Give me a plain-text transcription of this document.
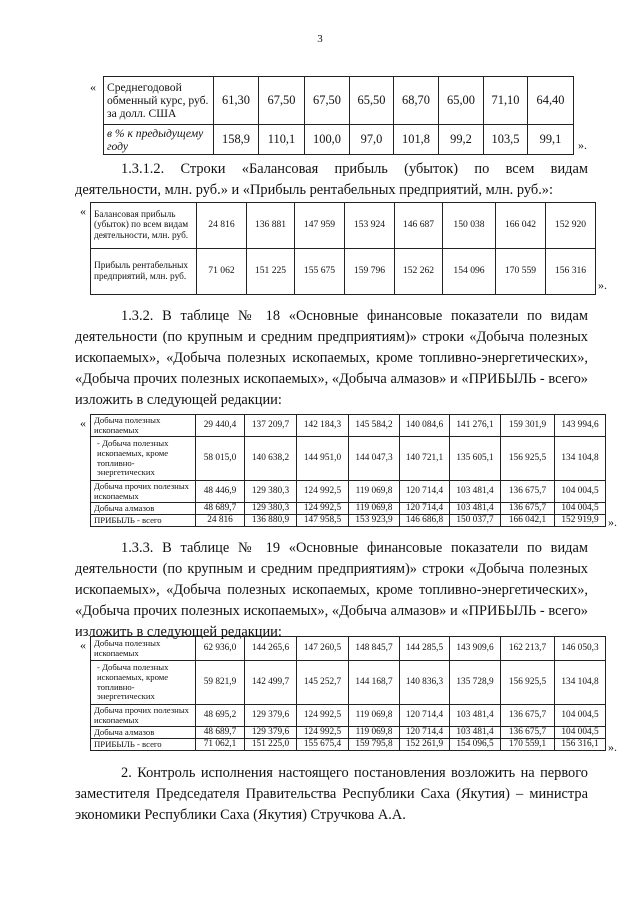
3
« Среднегодовой обменный курс, руб. за долл. США	61,30	67,50	67,50	65,50	68,70	65,00	71,10	64,40
в % к предыдущему году	158,9	110,1	100,0	97,0	101,8	99,2	103,5	99,1 ».

1.3.1.2. Строки «Балансовая прибыль (убыток) по всем видам деятельности, млн. руб.» и «Прибыль рентабельных предприятий, млн. руб.»:

« Балансовая прибыль (убыток) по всем видам деятельности, млн. руб.	24 816	136 881	147 959	153 924	146 687	150 038	166 042	152 920
Прибыль рентабельных предприятий, млн. руб.	71 062	151 225	155 675	159 796	152 262	154 096	170 559	156 316
».

1.3.2. В таблице № 18 «Основные финансовые показатели по видам деятельности (по крупным и средним предприятиям)» строки «Добыча полезных ископаемых», «Добыча полезных ископаемых, кроме топливно-энергетических», «Добыча прочих полезных ископаемых», «Добыча алмазов» и «ПРИБЫЛЬ - всего» изложить в следующей редакции:

« Добыча полезных ископаемых	29 440,4	137 209,7	142 184,3	145 584,2	140 084,6	141 276,1	159 301,9	143 994,6
- Добыча полезных ископаемых, кроме топливно-энергетических	58 015,0	140 638,2	144 951,0	144 047,3	140 721,1	135 605,1	156 925,5	134 104,8
Добыча прочих полезных ископаемых	48 446,9	129 380,3	124 992,5	119 069,8	120 714,4	103 481,4	136 675,7	104 004,5
Добыча алмазов	48 689,7	129 380,3	124 992,5	119 069,8	120 714,4	103 481,4	136 675,7	104 004,5
ПРИБЫЛЬ - всего	24 816	136 880,9	147 958,5	153 923,9	146 686,8	150 037,7	166 042,1	152 919,9 ».

1.3.3. В таблице № 19 «Основные финансовые показатели по видам деятельности (по крупным и средним предприятиям)» строки «Добыча полезных ископаемых», «Добыча полезных ископаемых, кроме топливно-энергетических», «Добыча прочих полезных ископаемых», «Добыча алмазов» и «ПРИБЫЛЬ - всего» изложить в следующей редакции:

« Добыча полезных ископаемых	62 936,0	144 265,6	147 260,5	148 845,7	144 285,5	143 909,6	162 213,7	146 050,3
- Добыча полезных ископаемых, кроме топливно-энергетических	59 821,9	142 499,7	145 252,7	144 168,7	140 836,3	135 728,9	156 925,5	134 104,8
Добыча прочих полезных ископаемых	48 695,2	129 379,6	124 992,5	119 069,8	120 714,4	103 481,4	136 675,7	104 004,5
Добыча алмазов	48 689,7	129 379,6	124 992,5	119 069,8	120 714,4	103 481,4	136 675,7	104 004,5
ПРИБЫЛЬ - всего	71 062,1	151 225,0	155 675,4	159 795,8	152 261,9	154 096,5	170 559,1	156 316,1 ».

2. Контроль исполнения настоящего постановления возложить на первого заместителя Председателя Правительства Республики Саха (Якутия) – министра экономики Республики Саха (Якутия) Стручкова А.А.
